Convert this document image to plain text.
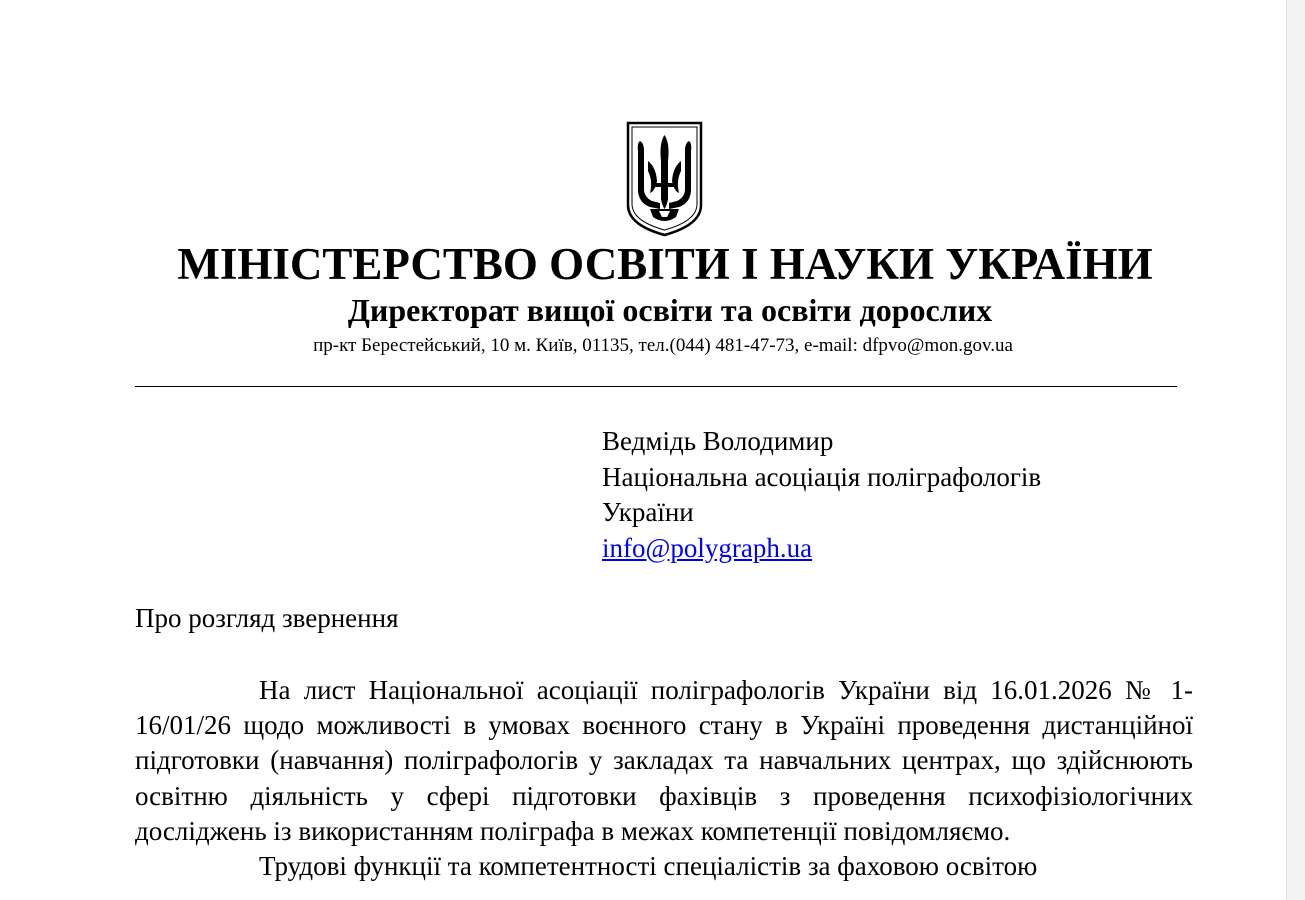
МІНІСТЕРСТВО ОСВІТИ І НАУКИ УКРАЇНИ
Директорат вищої освіти та освіти дорослих
пр-кт Берестейський, 10 м. Київ, 01135, тел.(044) 481-47-73, e-mail: dfpvo@mon.gov.ua
Ведмідь Володимир
Національна асоціація поліграфологів
України
info@polygraph.ua
Про розгляд звернення

На лист Національної асоціації поліграфологів України від 16.01.2026 № 1-16/01/26 щодо можливості в умовах воєнного стану в Україні проведення дистанційної підготовки (навчання) поліграфологів у закладах та навчальних центрах, що здійснюють освітню діяльність у сфері підготовки фахівців з проведення психофізіологічних досліджень із використанням поліграфа в межах компетенції повідомляємо.

Трудові функції та компетентності спеціалістів за фаховою освітою
